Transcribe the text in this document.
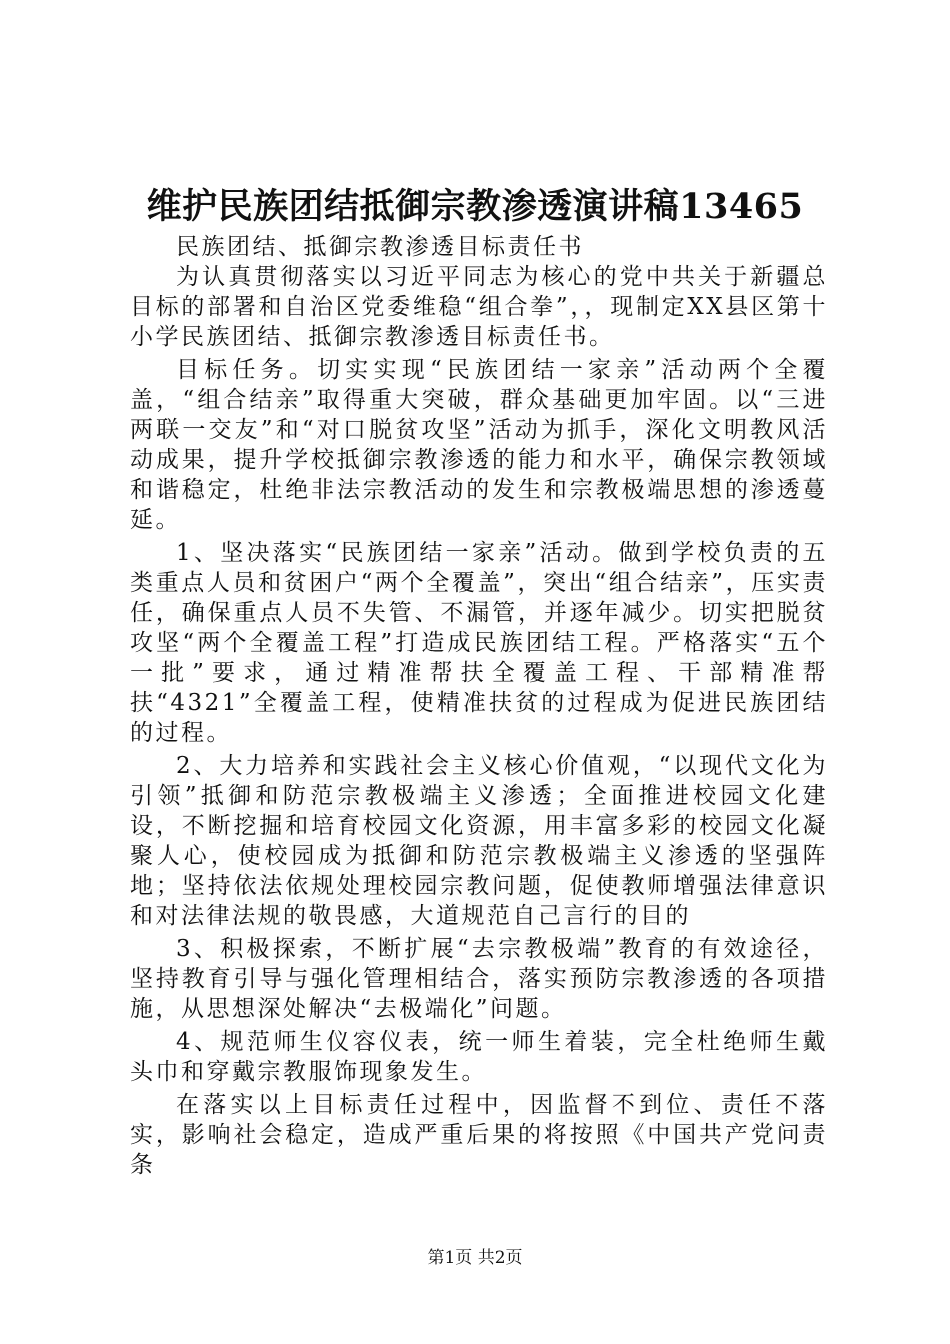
维护民族团结抵御宗教渗透演讲稿13465

民族团结、抵御宗教渗透目标责任书

为认真贯彻落实以习近平同志为核心的党中共关于新疆总目标的部署和自治区党委维稳“组合拳”，，现制定XX县区第十小学民族团结、抵御宗教渗透目标责任书。

目标任务。切实实现“民族团结一家亲”活动两个全覆盖，“组合结亲”取得重大突破，群众基础更加牢固。以“三进两联一交友”和“对口脱贫攻坚”活动为抓手，深化文明教风活动成果，提升学校抵御宗教渗透的能力和水平，确保宗教领域和谐稳定，杜绝非法宗教活动的发生和宗教极端思想的渗透蔓延。

1、坚决落实“民族团结一家亲”活动。做到学校负责的五类重点人员和贫困户“两个全覆盖”，突出“组合结亲”，压实责任，确保重点人员不失管、不漏管，并逐年减少。切实把脱贫攻坚“两个全覆盖工程”打造成民族团结工程。严格落实“五个一批”要求，通过精准帮扶全覆盖工程、干部精准帮扶“4321”全覆盖工程，使精准扶贫的过程成为促进民族团结的过程。

2、大力培养和实践社会主义核心价值观，“以现代文化为引领”抵御和防范宗教极端主义渗透；全面推进校园文化建设，不断挖掘和培育校园文化资源，用丰富多彩的校园文化凝聚人心，使校园成为抵御和防范宗教极端主义渗透的坚强阵地；坚持依法依规处理校园宗教问题，促使教师增强法律意识和对法律法规的敬畏感，大道规范自己言行的目的

3、积极探索，不断扩展“去宗教极端”教育的有效途径，坚持教育引导与强化管理相结合，落实预防宗教渗透的各项措施，从思想深处解决“去极端化”问题。

4、规范师生仪容仪表，统一师生着装，完全杜绝师生戴头巾和穿戴宗教服饰现象发生。

在落实以上目标责任过程中，因监督不到位、责任不落实，影响社会稳定，造成严重后果的将按照《中国共产党问责条

第1页 共2页
